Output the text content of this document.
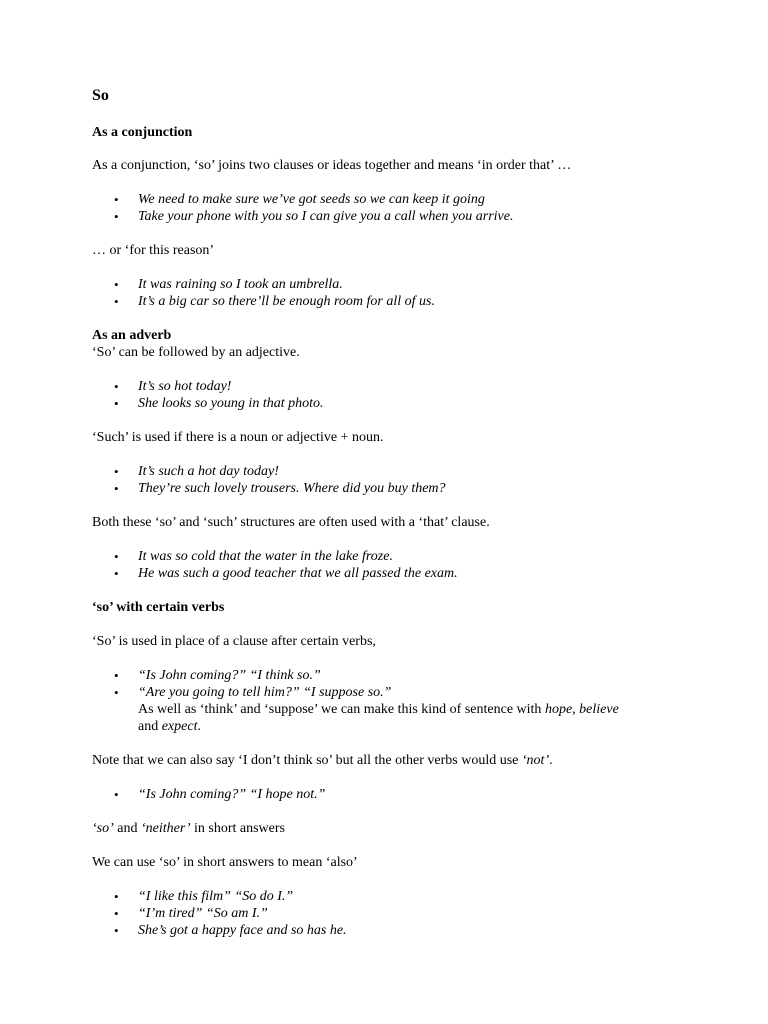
So
As a conjunction

As a conjunction, ‘so’ joins two clauses or ideas together and means ‘in order that’ …

• We need to make sure we’ve got seeds so we can keep it going
• Take your phone with you so I can give you a call when you arrive.

… or ‘for this reason’

• It was raining so I took an umbrella.
• It’s a big car so there’ll be enough room for all of us.
As an adverb

‘So’ can be followed by an adjective.

• It’s so hot today!
• She looks so young in that photo.

‘Such’ is used if there is a noun or adjective + noun.

• It’s such a hot day today!
• They’re such lovely trousers. Where did you buy them?

Both these ‘so’ and ‘such’ structures are often used with a ‘that’ clause.

• It was so cold that the water in the lake froze.
• He was such a good teacher that we all passed the exam.
‘so’ with certain verbs

‘So’ is used in place of a clause after certain verbs,

• “Is John coming?” “I think so.”
• “Are you going to tell him?” “I suppose so.”
As well as ‘think’ and ‘suppose’ we can make this kind of sentence with hope, believe
and expect.

Note that we can also say ‘I don’t think so’ but all the other verbs would use ‘not’.

• “Is John coming?” “I hope not.”

‘so’ and ‘neither’ in short answers

We can use ‘so’ in short answers to mean ‘also’

• “I like this film” “So do I.”
• “I’m tired” “So am I.”
• She’s got a happy face and so has he.
